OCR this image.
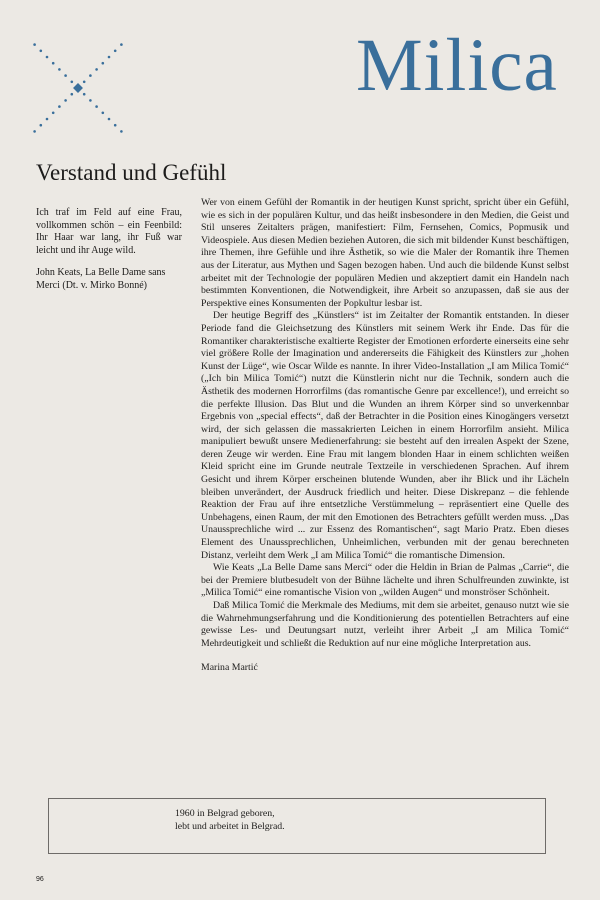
Milica
Verstand und Gefühl

Ich traf im Feld auf eine Frau, vollkommen schön – ein Feenbild: Ihr Haar war lang, ihr Fuß war leicht und ihr Auge wild.

John Keats, La Belle Dame sans Merci (Dt. v. Mirko Bonné)

Wer von einem Gefühl der Romantik in der heutigen Kunst spricht, spricht über ein Gefühl, wie es sich in der populären Kultur, und das heißt insbesondere in den Medien, die Geist und Stil unseres Zeitalters prägen, manifestiert: Film, Fernsehen, Comics, Popmusik und Videospiele. Aus diesen Medien beziehen Autoren, die sich mit bildender Kunst beschäftigen, ihre Themen, ihre Gefühle und ihre Ästhetik, so wie die Maler der Romantik ihre Themen aus der Literatur, aus Mythen und Sagen bezogen haben. Und auch die bildende Kunst selbst arbeitet mit der Technologie der populären Medien und akzeptiert damit ein Handeln nach bestimmten Konventionen, die Notwendigkeit, ihre Arbeit so anzupassen, daß sie aus der Perspektive eines Konsumenten der Popkultur lesbar ist.

Der heutige Begriff des „Künstlers“ ist im Zeitalter der Romantik entstanden. In dieser Periode fand die Gleichsetzung des Künstlers mit seinem Werk ihr Ende. Das für die Romantiker charakteristische exaltierte Register der Emotionen erforderte einerseits eine sehr viel größere Rolle der Imagination und andererseits die Fähigkeit des Künstlers zur „hohen Kunst der Lüge“, wie Oscar Wilde es nannte. In ihrer Video-Installation „I am Milica Tomić“ („Ich bin Milica Tomić“) nutzt die Künstlerin nicht nur die Technik, sondern auch die Ästhetik des modernen Horrorfilms (das romantische Genre par excellence!), und erreicht so die perfekte Illusion. Das Blut und die Wunden an ihrem Körper sind so unverkennbar Ergebnis von „special effects“, daß der Betrachter in die Position eines Kinogängers versetzt wird, der sich gelassen die massakrierten Leichen in einem Horrorfilm ansieht. Milica manipuliert bewußt unsere Medienerfahrung: sie besteht auf den irrealen Aspekt der Szene, deren Zeuge wir werden. Eine Frau mit langem blonden Haar in einem schlichten weißen Kleid spricht eine im Grunde neutrale Textzeile in verschiedenen Sprachen. Auf ihrem Gesicht und ihrem Körper erscheinen blutende Wunden, aber ihr Blick und ihr Lächeln bleiben unverändert, der Ausdruck friedlich und heiter. Diese Diskrepanz – die fehlende Reaktion der Frau auf ihre entsetzliche Verstümmelung – repräsentiert eine Quelle des Unbehagens, einen Raum, der mit den Emotionen des Betrachters gefüllt werden muss. „Das Unaussprechliche wird ... zur Essenz des Romantischen“, sagt Mario Pratz. Eben dieses Element des Unaussprechlichen, Unheimlichen, verbunden mit der genau berechneten Distanz, verleiht dem Werk „I am Milica Tomić“ die romantische Dimension.

Wie Keats „La Belle Dame sans Merci“ oder die Heldin in Brian de Palmas „Carrie“, die bei der Premiere blutbesudelt von der Bühne lächelte und ihren Schulfreunden zuwinkte, ist „Milica Tomić“ eine romantische Vision von „wilden Augen“ und monströser Schönheit.

Daß Milica Tomić die Merkmale des Mediums, mit dem sie arbeitet, genauso nutzt wie sie die Wahrnehmungserfahrung und die Konditionierung des potentiellen Betrachters auf eine gewisse Les- und Deutungsart nutzt, verleiht ihrer Arbeit „I am Milica Tomić“ Mehrdeutigkeit und schließt die Reduktion auf nur eine mögliche Interpretation aus.

Marina Martić

1960 in Belgrad geboren,
lebt und arbeitet in Belgrad.
96
